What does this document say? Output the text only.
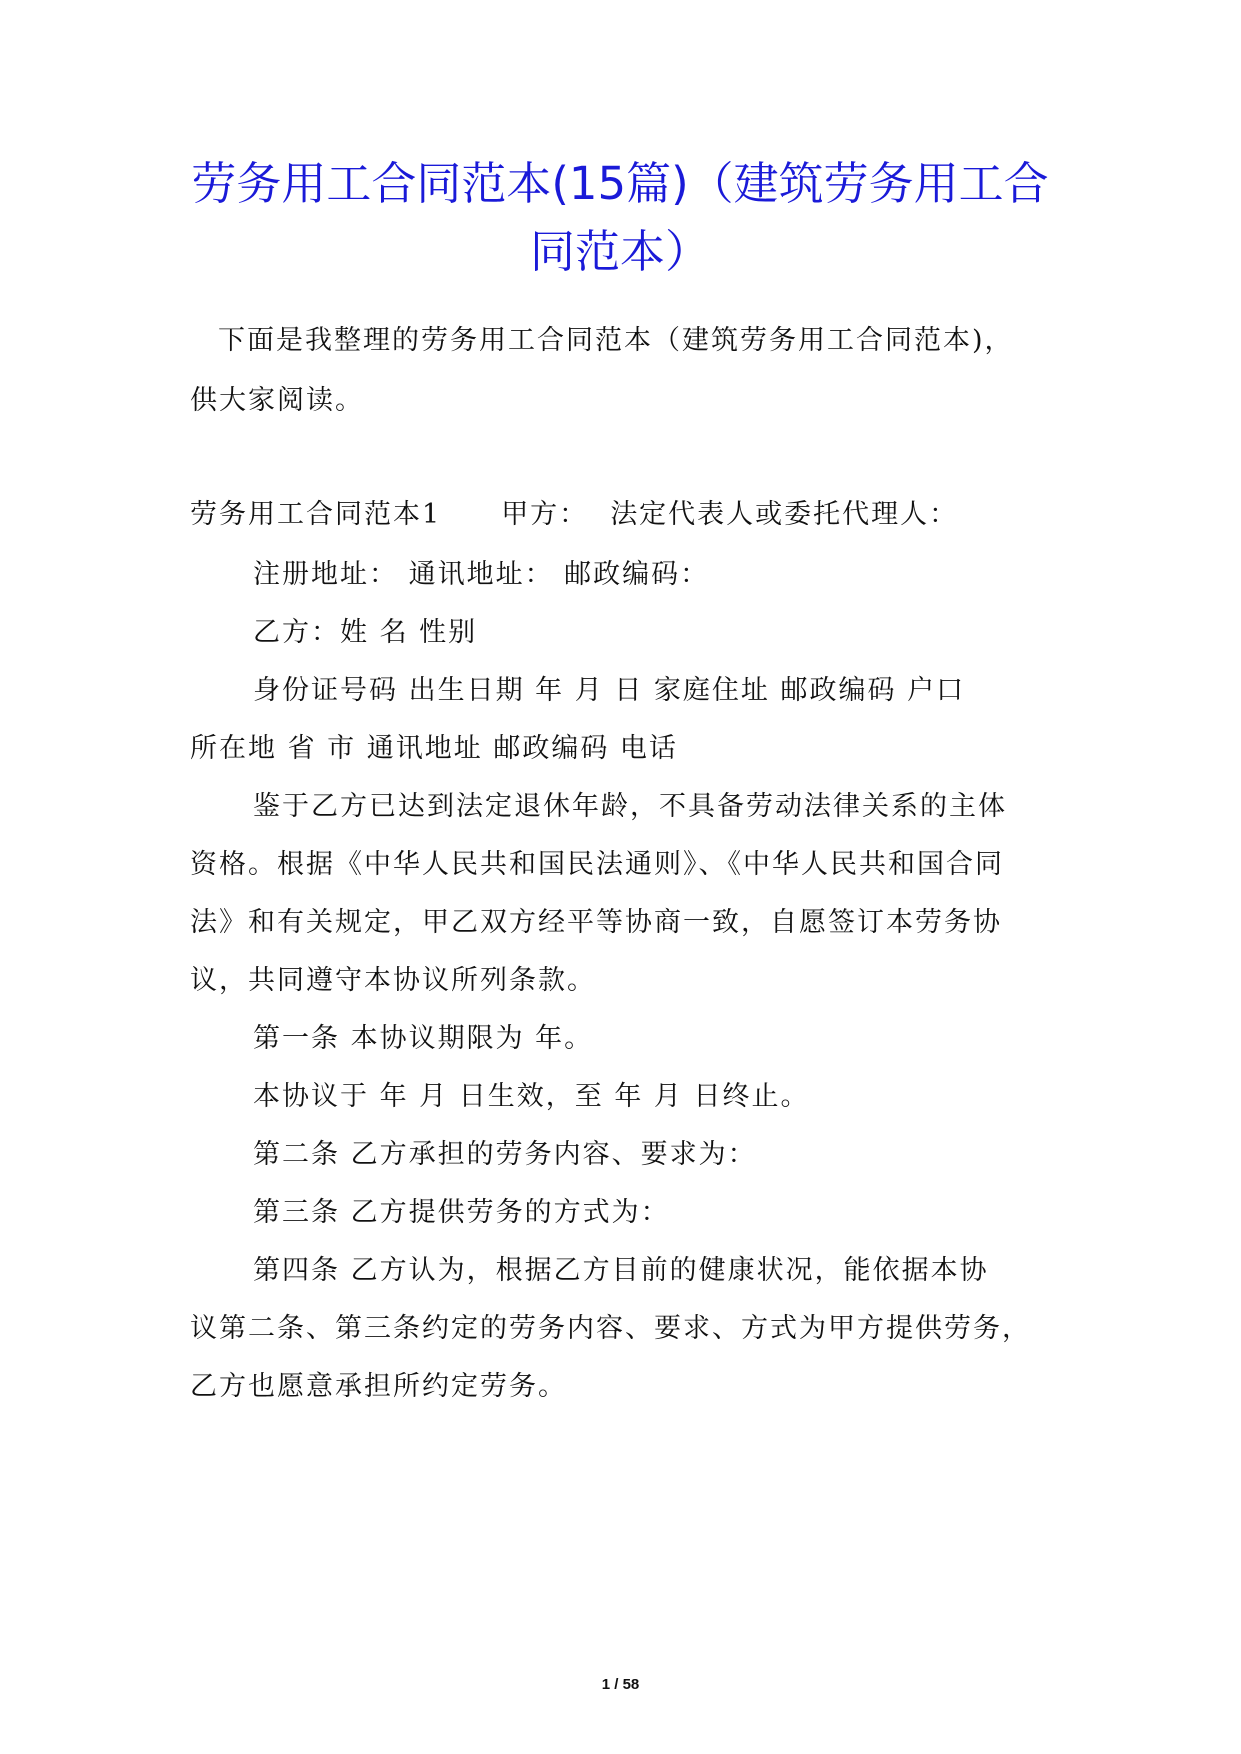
劳务用工合同范本(15篇)（建筑劳务用工合
同范本）

下面是我整理的劳务用工合同范本（建筑劳务用工合同范本)，

供大家阅读。

劳务用工合同范本1 甲方： 法定代表人或委托代理人：

注册地址： 通讯地址： 邮政编码：

乙方：姓 名 性别

身份证号码 出生日期 年 月 日 家庭住址 邮政编码 户口

所在地 省 市 通讯地址 邮政编码 电话

鉴于乙方已达到法定退休年龄，不具备劳动法律关系的主体

资格。根据《中华人民共和国民法通则》、《中华人民共和国合同

法》和有关规定，甲乙双方经平等协商一致，自愿签订本劳务协

议，共同遵守本协议所列条款。

第一条 本协议期限为 年。

本协议于 年 月 日生效，至 年 月 日终止。

第二条 乙方承担的劳务内容、要求为：

第三条 乙方提供劳务的方式为：

第四条 乙方认为，根据乙方目前的健康状况，能依据本协

议第二条、第三条约定的劳务内容、要求、方式为甲方提供劳务，

乙方也愿意承担所约定劳务。

1 / 58
